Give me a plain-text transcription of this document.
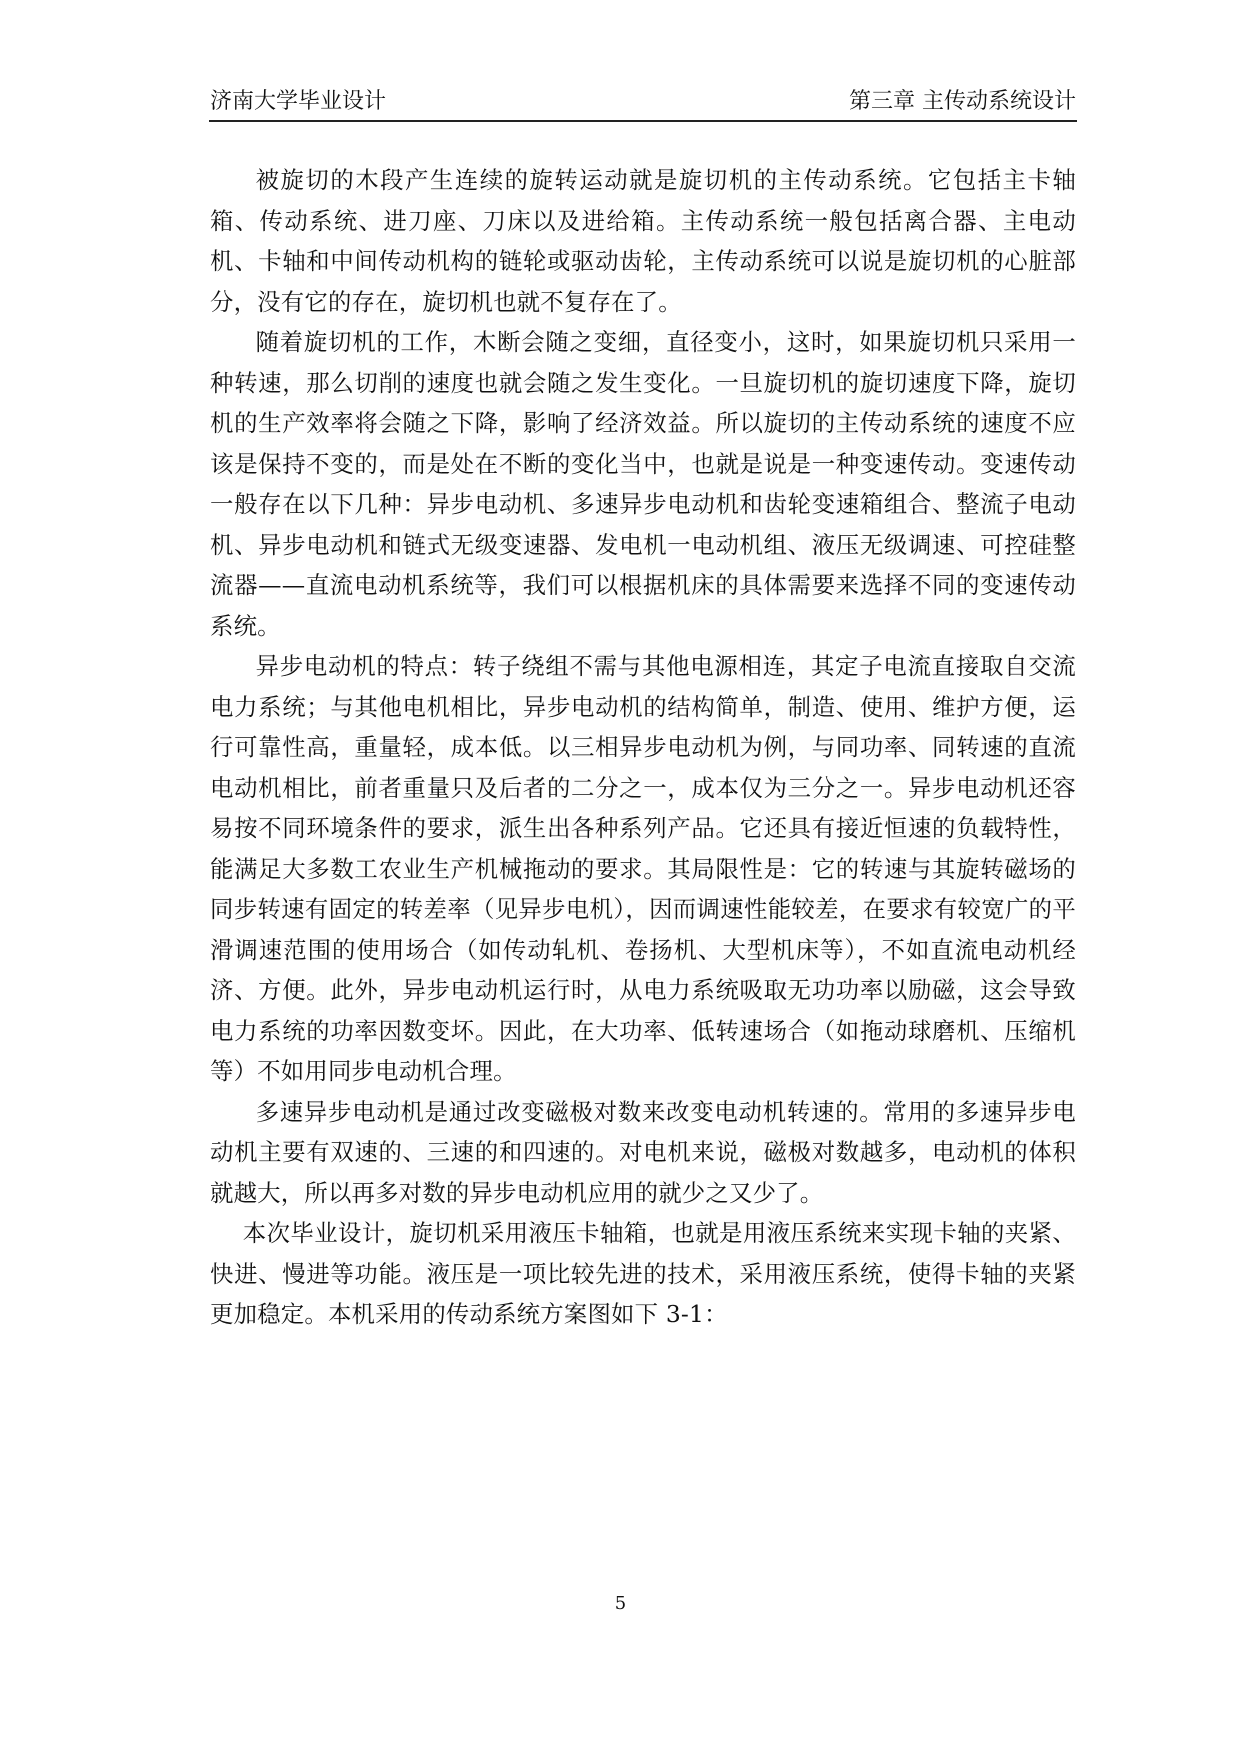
济南大学毕业设计	第三章 主传动系统设计

被旋切的木段产生连续的旋转运动就是旋切机的主传动系统。它包括主卡轴箱、传动系统、进刀座、刀床以及进给箱。主传动系统一般包括离合器、主电动机、卡轴和中间传动机构的链轮或驱动齿轮，主传动系统可以说是旋切机的心脏部分，没有它的存在，旋切机也就不复存在了。

随着旋切机的工作，木断会随之变细，直径变小，这时，如果旋切机只采用一种转速，那么切削的速度也就会随之发生变化。一旦旋切机的旋切速度下降，旋切机的生产效率将会随之下降，影响了经济效益。所以旋切的主传动系统的速度不应该是保持不变的，而是处在不断的变化当中，也就是说是一种变速传动。变速传动一般存在以下几种：异步电动机、多速异步电动机和齿轮变速箱组合、整流子电动机、异步电动机和链式无级变速器、发电机一电动机组、液压无级调速、可控硅整流器——直流电动机系统等，我们可以根据机床的具体需要来选择不同的变速传动系统。

异步电动机的特点：转子绕组不需与其他电源相连，其定子电流直接取自交流电力系统；与其他电机相比，异步电动机的结构简单，制造、使用、维护方便，运行可靠性高，重量轻，成本低。以三相异步电动机为例，与同功率、同转速的直流电动机相比，前者重量只及后者的二分之一，成本仅为三分之一。异步电动机还容易按不同环境条件的要求，派生出各种系列产品。它还具有接近恒速的负载特性，能满足大多数工农业生产机械拖动的要求。其局限性是：它的转速与其旋转磁场的同步转速有固定的转差率（见异步电机），因而调速性能较差，在要求有较宽广的平滑调速范围的使用场合（如传动轧机、卷扬机、大型机床等），不如直流电动机经济、方便。此外，异步电动机运行时，从电力系统吸取无功功率以励磁，这会导致电力系统的功率因数变坏。因此，在大功率、低转速场合（如拖动球磨机、压缩机等）不如用同步电动机合理。

多速异步电动机是通过改变磁极对数来改变电动机转速的。常用的多速异步电动机主要有双速的、三速的和四速的。对电机来说，磁极对数越多，电动机的体积就越大，所以再多对数的异步电动机应用的就少之又少了。

本次毕业设计，旋切机采用液压卡轴箱，也就是用液压系统来实现卡轴的夹紧、快进、慢进等功能。液压是一项比较先进的技术，采用液压系统，使得卡轴的夹紧更加稳定。本机采用的传动系统方案图如下 3-1：

5
